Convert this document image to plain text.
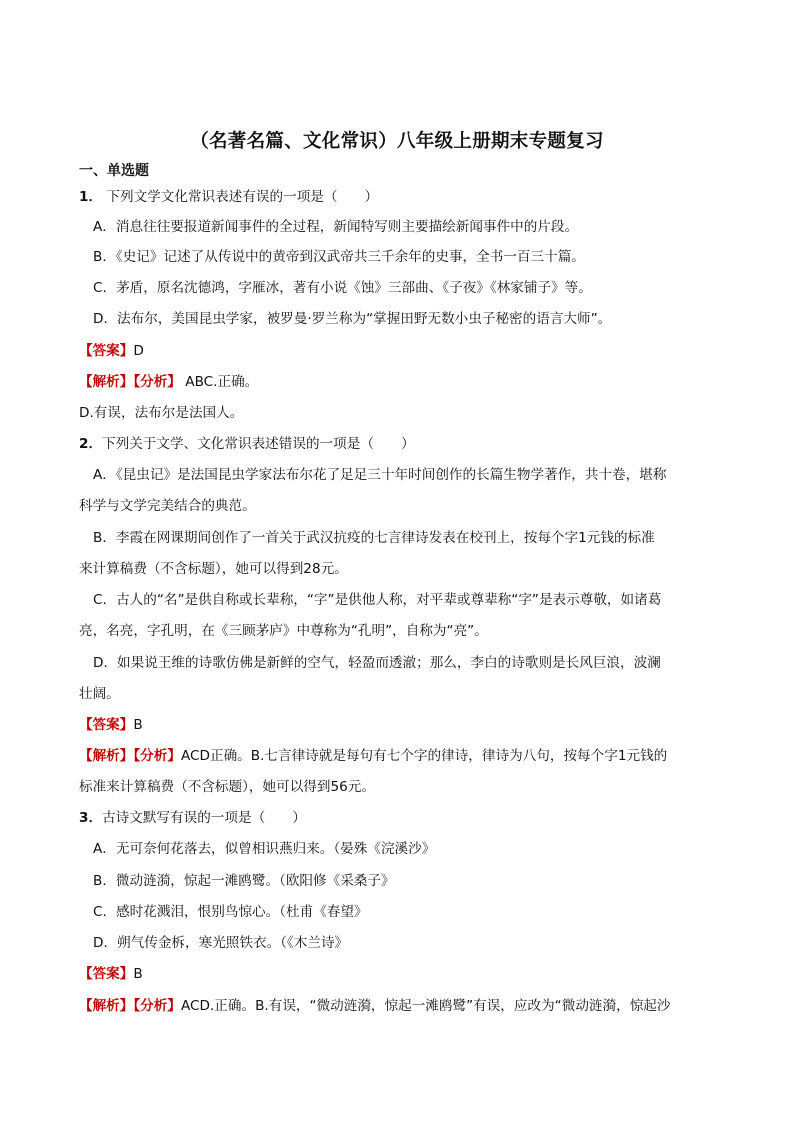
（名著名篇、文化常识）八年级上册期末专题复习
一、单选题
1． 下列文学文化常识表述有误的一项是（　　）
A．消息往往要报道新闻事件的全过程，新闻特写则主要描绘新闻事件中的片段。
B．《史记》记述了从传说中的黄帝到汉武帝共三千余年的史事，全书一百三十篇。
C．茅盾，原名沈德鸿，字雁冰，著有小说《蚀》三部曲、《子夜》《林家铺子》等。
D．法布尔，美国昆虫学家，被罗曼·罗兰称为“掌握田野无数小虫子秘密的语言大师”。
【答案】D
【解析】【分析】 ABC.正确。
D.有误，法布尔是法国人。
2．下列关于文学、文化常识表述错误的一项是（　　）
A．《昆虫记》是法国昆虫学家法布尔花了足足三十年时间创作的长篇生物学著作，共十卷，堪称
科学与文学完美结合的典范。
B．李霞在网课期间创作了一首关于武汉抗疫的七言律诗发表在校刊上，按每个字1元钱的标准
来计算稿费（不含标题），她可以得到28元。
C．古人的“名”是供自称或长辈称，“字”是供他人称，对平辈或尊辈称“字”是表示尊敬，如诸葛
亮，名亮，字孔明，在《三顾茅庐》中尊称为“孔明”，自称为“亮”。
D．如果说王维的诗歌仿佛是新鲜的空气，轻盈而透澈；那么，李白的诗歌则是长风巨浪，波澜
壮阔。
【答案】B
【解析】【分析】ACD正确。B.七言律诗就是每句有七个字的律诗，律诗为八句，按每个字1元钱的
标准来计算稿费（不含标题），她可以得到56元。
3．古诗文默写有误的一项是（　　）
A．无可奈何花落去，似曾相识燕归来。（晏殊《浣溪沙》
B．微动涟漪，惊起一滩鸥鹭。（欧阳修《采桑子》
C．感时花溅泪，恨别鸟惊心。（杜甫《春望》
D．朔气传金柝，寒光照铁衣。（《木兰诗》
【答案】B
【解析】【分析】ACD.正确。B.有误，“微动涟漪，惊起一滩鸥鹭”有误，应改为“微动涟漪，惊起沙
